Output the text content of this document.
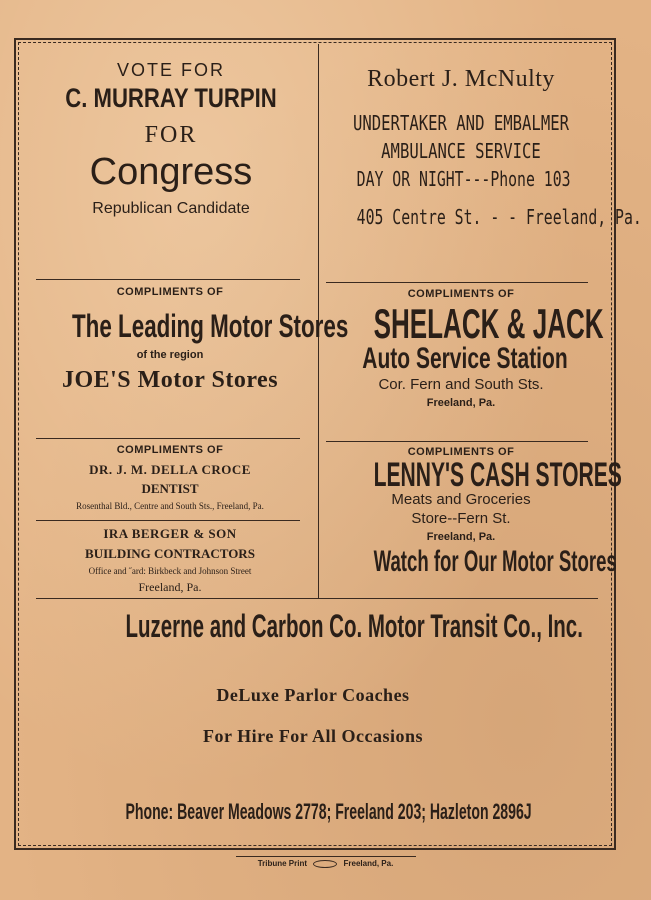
VOTE FOR
C. MURRAY TURPIN
FOR
Congress
Republican Candidate
Robert J. McNulty
UNDERTAKER AND EMBALMER
AMBULANCE SERVICE
DAY OR NIGHT---Phone 103
405 Centre St. - - Freeland, Pa.
COMPLIMENTS OF
The Leading Motor Stores
of the region
JOE'S Motor Stores
COMPLIMENTS OF
SHELACK & JACK
Auto Service Station
Cor. Fern and South Sts.
Freeland, Pa.
COMPLIMENTS OF
DR. J. M. DELLA CROCE
DENTIST
Rosenthal Bld., Centre and South Sts., Freeland, Pa.
COMPLIMENTS OF
LENNY'S CASH STORES
Meats and Groceries
Store--Fern St.
Freeland, Pa.
Watch for Our Motor Stores
IRA BERGER & SON
BUILDING CONTRACTORS
Office and ˝ard: Birkbeck and Johnson Street
Freeland, Pa.
Luzerne and Carbon Co. Motor Transit Co., Inc.
DeLuxe Parlor Coaches
For Hire For All Occasions
Phone: Beaver Meadows 2778; Freeland 203; Hazleton 2896J
Tribune Print	Freeland, Pa.
